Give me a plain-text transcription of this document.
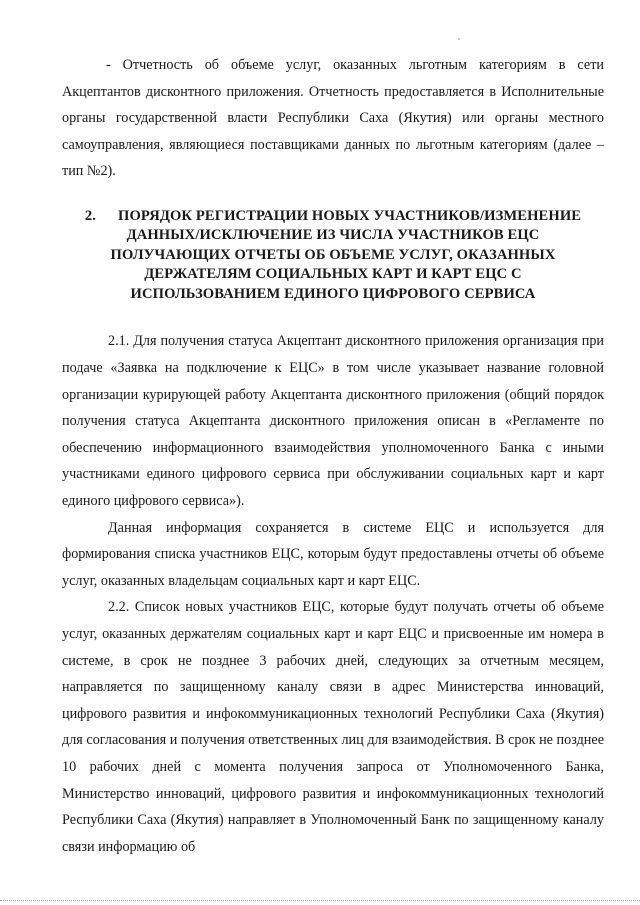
- Отчетность об объеме услуг, оказанных льготным категориям в сети Акцептантов дисконтного приложения. Отчетность предоставляется в Исполнительные органы государственной власти Республики Саха (Якутия) или органы местного самоуправления, являющиеся поставщиками данных по льготным категориям (далее – тип №2).

2. ПОРЯДОК РЕГИСТРАЦИИ НОВЫХ УЧАСТНИКОВ/ИЗМЕНЕНИЕ ДАННЫХ/ИСКЛЮЧЕНИЕ ИЗ ЧИСЛА УЧАСТНИКОВ ЕЦС ПОЛУЧАЮЩИХ ОТЧЕТЫ ОБ ОБЪЕМЕ УСЛУГ, ОКАЗАННЫХ ДЕРЖАТЕЛЯМ СОЦИАЛЬНЫХ КАРТ И КАРТ ЕЦС С ИСПОЛЬЗОВАНИЕМ ЕДИНОГО ЦИФРОВОГО СЕРВИСА

2.1. Для получения статуса Акцептант дисконтного приложения организация при подаче «Заявка на подключение к ЕЦС» в том числе указывает название головной организации курирующей работу Акцептанта дисконтного приложения (общий порядок получения статуса Акцептанта дисконтного приложения описан в «Регламенте по обеспечению информационного взаимодействия уполномоченного Банка с иными участниками единого цифрового сервиса при обслуживании социальных карт и карт единого цифрового сервиса»).

Данная информация сохраняется в системе ЕЦС и используется для формирования списка участников ЕЦС, которым будут предоставлены отчеты об объеме услуг, оказанных владельцам социальных карт и карт ЕЦС.

2.2. Список новых участников ЕЦС, которые будут получать отчеты об объеме услуг, оказанных держателям социальных карт и карт ЕЦС и присвоенные им номера в системе, в срок не позднее 3 рабочих дней, следующих за отчетным месяцем, направляется по защищенному каналу связи в адрес Министерства инноваций, цифрового развития и инфокоммуникационных технологий Республики Саха (Якутия) для согласования и получения ответственных лиц для взаимодействия. В срок не позднее 10 рабочих дней с момента получения запроса от Уполномоченного Банка, Министерство инноваций, цифрового развития и инфокоммуникационных технологий Республики Саха (Якутия) направляет в Уполномоченный Банк по защищенному каналу связи информацию об
